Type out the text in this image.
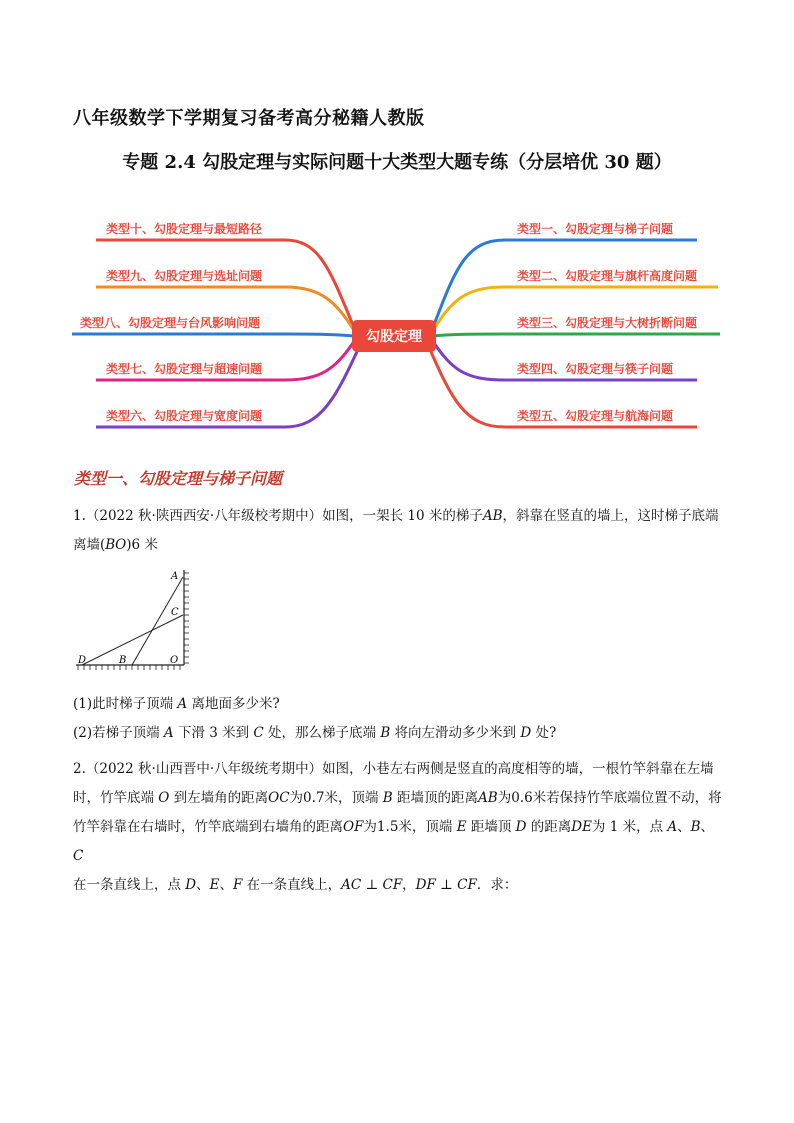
八年级数学下学期复习备考高分秘籍人教版
专题 2.4 勾股定理与实际问题十大类型大题专练（分层培优 30 题）
勾股定理
类型十、勾股定理与最短路径
类型九、勾股定理与选址问题
类型八、勾股定理与台风影响问题
类型七、勾股定理与超速问题
类型六、勾股定理与宽度问题
类型一、勾股定理与梯子问题
类型二、勾股定理与旗杆高度问题
类型三、勾股定理与大树折断问题
类型四、勾股定理与筷子问题
类型五、勾股定理与航海问题
类型一、勾股定理与梯子问题
1.（2022 秋·陕西西安·八年级校考期中）如图，一架长 10 米的梯子𝐴𝐵，斜靠在竖直的墙上，这时梯子底端
离墙(𝐵𝑂)6 米
A
C
D	B	O
(1)此时梯子顶端 𝐴 离地面多少米?
(2)若梯子顶端 𝐴 下滑 3 米到 𝐶 处，那么梯子底端 𝐵 将向左滑动多少米到 𝐷 处?
2.（2022 秋·山西晋中·八年级统考期中）如图，小巷左右两侧是竖直的高度相等的墙，一根竹竿斜靠在左墙
时，竹竿底端 𝑂 到左墙角的距离𝑂𝐶为0.7米，顶端 𝐵 距墙顶的距离𝐴𝐵为0.6米若保持竹竿底端位置不动，将
竹竿斜靠在右墙时，竹竿底端到右墙角的距离𝑂𝐹为1.5米，顶端 𝐸 距墙顶 𝐷 的距离𝐷𝐸为 1 米，点 𝐴、𝐵、𝐶
在一条直线上，点 𝐷、𝐸、𝐹 在一条直线上，𝐴𝐶 ⊥ 𝐶𝐹，𝐷𝐹 ⊥ 𝐶𝐹．求：
